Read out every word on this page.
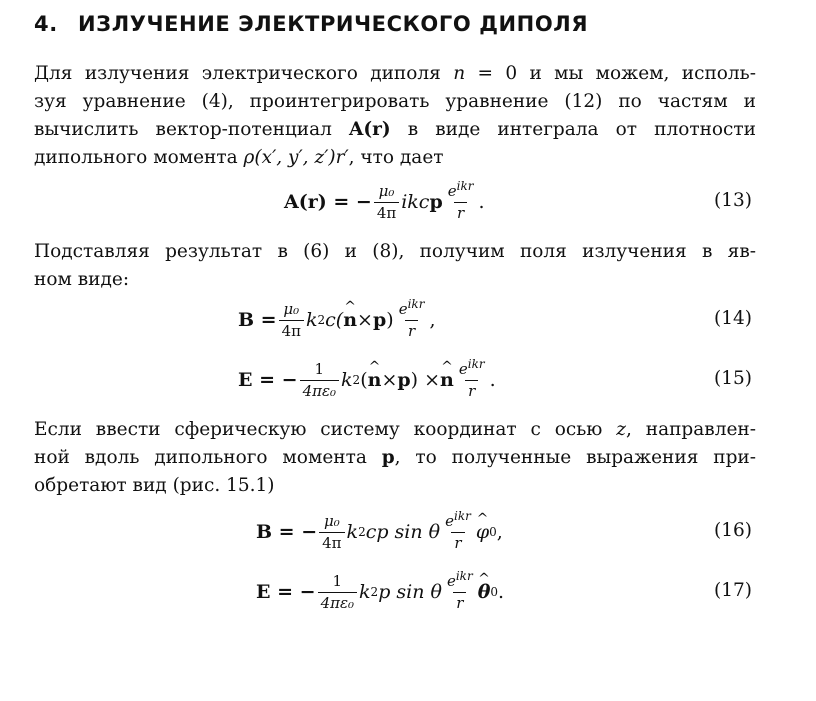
4. ИЗЛУЧЕНИЕ ЭЛЕКТРИЧЕСКОГО ДИПОЛЯ
Для излучения электрического диполя n = 0 и мы можем, исполь-
зуя уравнение (4), проинтегрировать уравнение (12) по частям и
вычислить вектор-потенциал A(r) в виде интеграла от плотности
дипольного момента ρ(x′, y′, z′)r′, что дает
A(r) = − $\frac{\text{μ₀}}{4\pi}$ ikc p $\frac{e^{ikr}}{r}$ .	(13)
Подставляя результат в (6) и (8), получим поля излучения в яв-
ном виде:
$B = \frac{\text{μ₀}}{4\pi}$ k 2 c( ^ n × p ) $\frac{e^{ikr}}{r}$ ,	(14)
E = − $\frac{1}{\text{4πε₀}}$ k 2 ( ^ n × p ) × ^ n $\frac{e^{ikr}}{r}$ .	(15)
Если ввести сферическую систему координат с осью z, направлен-
ной вдоль дипольного момента p, то полученные выражения при-
обретают вид (рис. 15.1)
B = − $\frac{\text{μ₀}}{4\pi}$ k 2 cp sin θ $\frac{e^{ikr}}{r}$ ^ φ 0 ,	(16)
E = − $\frac{1}{\text{4πε₀}}$ k 2 p sin θ $\frac{e^{ikr}}{r}$ ^ θ 0 .	(17)
